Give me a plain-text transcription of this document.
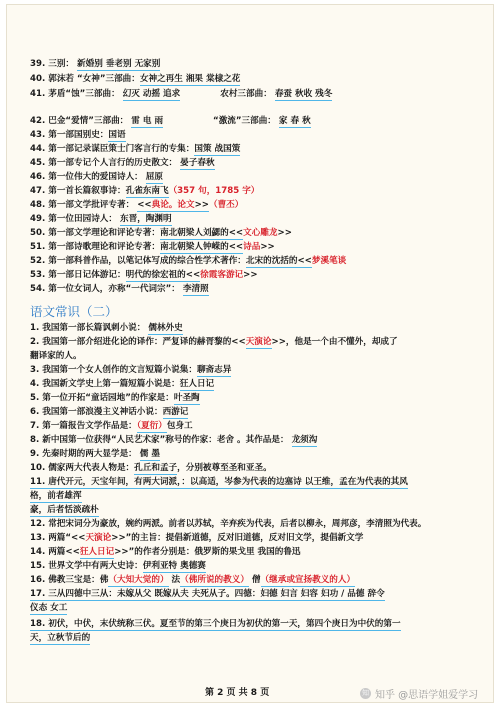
39. 三别： 新婚别 垂老别 无家别
40. 郭沫若 “女神”三部曲：女神之再生 湘果 棠棣之花
41. 茅盾“蚀”三部曲： 幻灭 动摇 追求	农村三部曲： 春蚕 秋收 残冬
42. 巴金“爱情”三部曲： 雷 电 雨	“激流”三部曲： 家 春 秋
43. 第一部国别史：国语
44. 第一部记录谋臣策士门客言行的专集：国策 战国策
45. 第一部专记个人言行的历史散文： 晏子春秋
46. 第一位伟大的爱国诗人： 屈原
47. 第一首长篇叙事诗：孔雀东南飞（357 句，1785 字）
48. 第一部文学批评专著： <<典论。论文>>（曹丕）
49. 第一位田园诗人： 东晋，陶渊明
50. 第一部文学理论和评论专著：南北朝梁人刘勰的<<文心雕龙>>
51. 第一部诗歌理论和评论专著：南北朝梁人钟嵘的<<诗品>>
52. 第一部科普作品，以笔记体写成的综合性学术著作：北宋的沈括的<<梦溪笔谈
53. 第一部日记体游记：明代的徐宏祖的<<徐霞客游记>>
54. 第一位女词人，亦称“一代词宗”： 李清照
语文常识（二）
1. 我国第一部长篇讽刺小说： 儒林外史
2. 我国第一部介绍进化论的译作：严复译的赫胥黎的<<天演论>>，他是一个由不懂外，却成了
翻译家的人。
3. 我国第一个女人创作的文言短篇小说集：聊斋志异
4. 我国新文学史上第一篇短篇小说是：狂人日记
5. 第一位开拓“童话园地”的作家是：叶圣陶
6. 我国第一部浪漫主义神话小说：西游记
7. 第一篇报告文学作品是：（夏衍）包身工
8. 新中国第一位获得“人民艺术家”称号的作家：老舍 。其作品是： 龙须沟
9. 先秦时期的两大显学是： 儒 墨
10. 儒家两大代表人物是：孔丘和孟子，分别被尊至圣和亚圣。
11. 唐代开元，天宝年间，有两大词派，：以高适，岑参为代表的边塞诗 以王维，孟在为代表的其风
格，前者雄浑
豪，后者恬淡疏朴
12. 常把宋词分为豪放，婉约两派。前者以苏轼，辛弃疾为代表，后者以柳永，周邦彦，李清照为代表。
13. 两篇“<<天演论>>”的主旨：提倡新道德，反对旧道德，反对旧文学，提倡新文学
14. 两篇<<狂人日记>>”的作者分别是：俄罗斯的果戈里 我国的鲁迅
15. 世界文学中有两大史诗：伊利亚特 奥德赛
16. 佛教三宝是：佛（大知大觉的） 法（佛所说的教义） 僧（继承或宣扬教义的人）
17. 三从四德中三从：未嫁从父 既嫁从夫 夫死从子。四德：妇德 妇言 妇容 妇功 / 品德 辞令
仪态 女工
18. 初伏，中伏，末伏统称三伏。夏至节的第三个庚日为初伏的第一天，第四个庚日为中伏的第一
天，立秋节后的
第 2 页 共 8 页	知 知乎 @思语学姐爱学习
